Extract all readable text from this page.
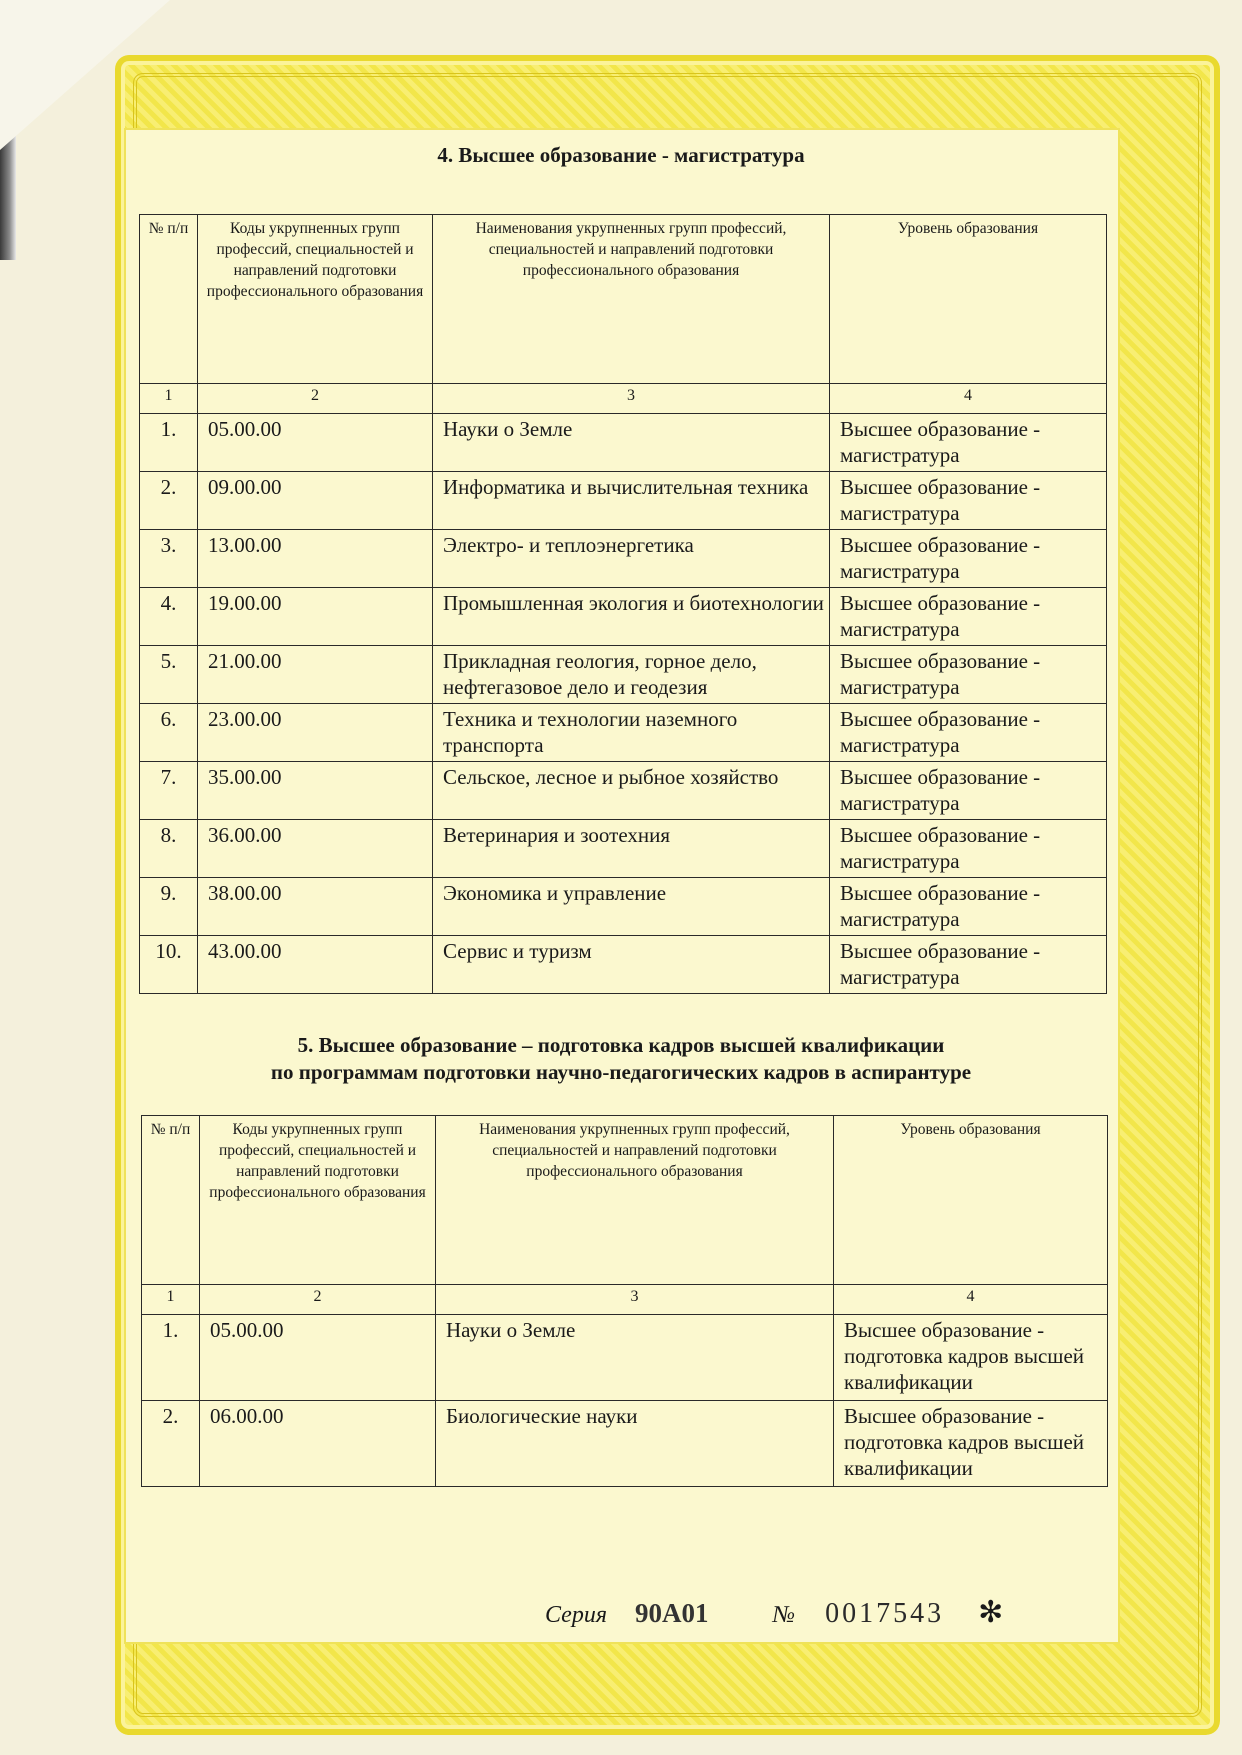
4. Высшее образование - магистратура
№ п/п	Коды укрупненных групп профессий, специальностей и направлений подготовки профессионального образования	Наименования укрупненных групп профессий, специальностей и направлений подготовки профессионального образования	Уровень образования
1	2	3	4
1.	05.00.00	Науки о Земле	Высшее образование - магистратура
2.	09.00.00	Информатика и вычислительная техника	Высшее образование - магистратура
3.	13.00.00	Электро- и теплоэнергетика	Высшее образование - магистратура
4.	19.00.00	Промышленная экология и биотехнологии	Высшее образование - магистратура
5.	21.00.00	Прикладная геология, горное дело, нефтегазовое дело и геодезия	Высшее образование - магистратура
6.	23.00.00	Техника и технологии наземного транспорта	Высшее образование - магистратура
7.	35.00.00	Сельское, лесное и рыбное хозяйство	Высшее образование - магистратура
8.	36.00.00	Ветеринария и зоотехния	Высшее образование - магистратура
9.	38.00.00	Экономика и управление	Высшее образование - магистратура
10.	43.00.00	Сервис и туризм	Высшее образование - магистратура
5. Высшее образование – подготовка кадров высшей квалификации
по программам подготовки научно-педагогических кадров в аспирантуре
№ п/п	Коды укрупненных групп профессий, специальностей и направлений подготовки профессионального образования	Наименования укрупненных групп профессий, специальностей и направлений подготовки профессионального образования	Уровень образования
1	2	3	4
1.	05.00.00	Науки о Земле	Высшее образование - подготовка кадров высшей квалификации
2.	06.00.00	Биологические науки	Высшее образование - подготовка кадров высшей квалификации
Серия 90А01	№ 0017543 ✻
